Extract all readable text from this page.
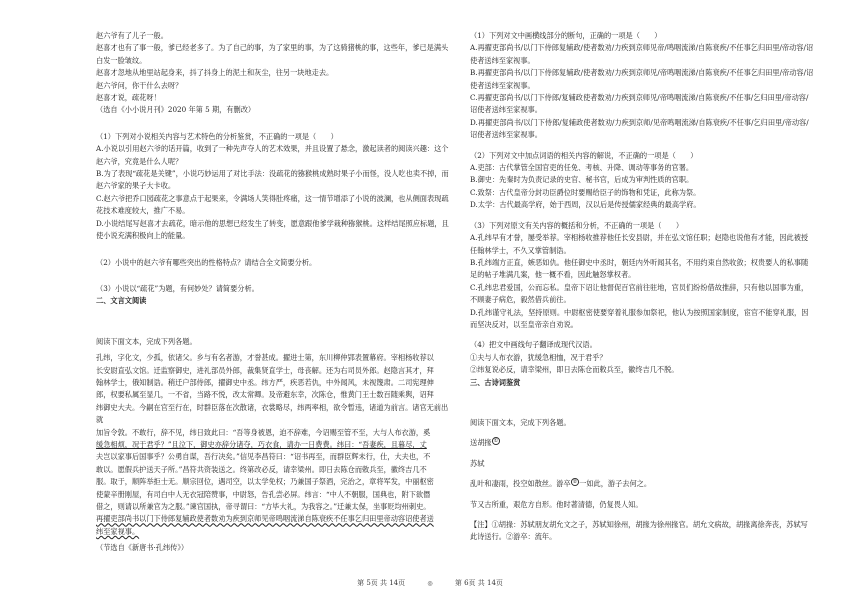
赵六爷有了儿子一般。

赵喜才也有了事一般，爹已经老多了。为了自己的事，为了家里的事，为了这骑猪桃的事，这些年，爹已是满头白发一脸皱纹。

赵喜才忽地从地里站起身来，抖了抖身上的泥土和灰尘，往另一块地走去。

赵六爷问，你干什么去呀？

赵喜才说，疏花呀！

（选自《小小说月刊》2020 年第 5 期，有删改）

（1）下列对小说相关内容与艺术特色的分析鉴赏，不正确的一项是（　　）

A.小说以引用赵六爷的话开篇，收到了一种先声夺人的艺术效果，并且设置了悬念，激起读者的阅读兴趣：这个赵六爷，究竟是什么人呢？

B.为了表现“疏花是关键”，小说巧妙运用了对比手法：没疏花的猕猴桃成熟时果子小而怪，没人吃也卖不掉，而赵六爷家的果子大卡收。

C.赵六爷把乔口园疏花之事意点于起果来，令满场人笑得肚疼痛，这一情节增添了小说的波澜，也从侧面表现疏花技术难度较大，推广不易。

D.小说结尾写赵喜才去疏花，暗示他的思想已经发生了转变，愿意跟他爹学栽种猕猴桃。这样结尾照应标题，且使小说充满积极向上的能量。

（2）小说中的赵六爷有哪些突出的性格特点？请结合全文简要分析。

（3）小说以“疏花”为题，有何妙处？请简要分析。

二、文言文阅读

阅读下面文本，完成下列各题。

孔纬，字化文，少孤，依诸父。乡与有名者游，才誉甚成。擢进士第，东川柳仲郢表置幕府。宰相杨收荐以

长安尉直弘文馆。迁监察御史，进礼部员外郎，裁集贤直学士，母丧解。还为右司员外郎。赵隐言其才，拜

翰林学士，俄知制诰。稍迁户部侍郎，擢御史中丞。纬方严，疾恶若仇，中外闻风，未视篾肃。二司宪理伸

郎，权要私属至显几，一不省，当路不悦，改太常卿。及帝避东幸，次陈仓，惟黄门王士数百随乘舆，诏拜

纬御史大夫。今嗣在官至行在，时群臣落在次散诸，衣裳略尽，纬两率相，欲令暂违，诸道为前言。诸官无前出就

加旨令敦。不敢行，辞不见，纬日致此曰：“吾等身被恩，迫不辞难，今诏赐至管不至，大与人布衣游，奚

缓急相烦，况于君乎？”且泣下，御史亦辞分诸夺，巧衣食，请办一日费费。纬曰：“吾妻疾，且暮尽，丈

夫岂以家事后国事乎？公勇自谋，吾行决矣。”信见李昌符曰：“诏书再至，而群臣辉未行，仕，大夫也，不

敢以。愿假兵护送天子所。”昌符共资装送之。终第改必反，请幸梁州。即日去陈仓而敕兵至，徽终吉几不

服。取于，顺阵举拒士无。顺宗回位，遇司空，以太学免权；乃兼国子祭酒，完治之，章将军发，中丽枢密

使蒙辛册刚屋，有司白中人无衣冠陪赞事，中尉怒，告孔尝必屏。纬言：“中人不朝服，国典也，附下欲僭

借之，则请以所兼官为之服。”谏官国执，帝寻谓曰：“方毕大礼，为我容之。”迁兼太保，坐事贬均州刺史。

再擢吏部尚书以门下侍郎复辅政使者数劝为疾到京师见帝鸣咽流涕自陈衰疾不任事乞归田里帝动容诏使者送

纬至家视事。

（节选自《新唐书·孔纬传》）

（1）下列对文中画横线部分的断句，正确的一项是（　　）

A.再擢吏部尚书/以门下侍郎复辅政/使者数劝/力疾到京师见帝/鸣咽流涕/自陈衰疾/不任事乞归田里/帝动容/诏使者送纬至家视事。

B.再擢吏部尚书/以门下侍郎复辅政/使者数劝/力疾到京师见/帝鸣咽流涕/自陈衰疾/不任事乞归田里/帝动容/诏使者送纬至家视事。

C.再擢吏部尚书/以门下侍郎/复辅政使者数劝/力疾到京师见/帝鸣咽流涕/自陈衰疾/不任事/乞归田里/帝动容/诏使者送纬至家视事。

D.再擢吏部尚书/以门下侍郎/复辅政使者数劝/力疾到京师/见帝鸣咽流涕/自陈衰疾/不任事/乞归田里/帝动容/诏使者送纬至家视事。

（2）下列对文中加点词语的相关内容的解说，不正确的一项是（　　）

A.吏部：古代掌管全国官吏的任免、考核、升降、调动等事务的官署。

B.御史：先秦时为负责记录的史官、秘书官，后成为审判性质的官职。

C.致祭：古代皇帝分封功臣爵位时要赐给臣子的饰物和凭证，此称为祭。

D.太学：古代最高学府，始于西周，汉以后是传授儒家经典的最高学府。

（3）下列对原文有关内容的概括和分析，不正确的一项是（　　）

A.孔纬早有才誉，屡受举荐。宰相杨收推荐他任长安县尉，并在弘文馆任职；赵隐也说他有才能，因此被授任翰林学士，不久又掌管制诰。

B.孔纬端方正直，嫉恶如仇。他任御史中丞时，朝廷内外听闻其名，不用约束自然收敛；权贵要人的私事随足的帖子堆满几案，他一概不看，因此触怒掌权者。

C.孔纬忠君爱国，公而忘私。皇帝下诏让他督促百官前往驻地，官员们纷纷借故推辞，只有他以国事为重，不顾妻子病危，毅然借兵前往。

D.孔纬谨守礼法，坚持原则。中尉枢密使要穿着礼服参加祭祀，他认为按照国家制度，宦官不能穿礼服，因而坚决反对，以至皇帝亲自劝说。

（4）把文中画线句子翻译成现代汉语。

①夫与人布衣游，犹缓急相恤，况于君乎？

②纬复说必反，请幸梁州，即日去陈仓而敕兵至，徽终吉几不脱。

三、古诗词鉴赏

阅读下面文本，完成下列各题。

送胡掾 ①

苏轼

乱叶和凄雨，投空如散丝。游卒 ② 一如此，游子去何之。

节又古所重，艰危方自形。他时著清德，仍复畏人知。

【注】①胡掾：苏轼朋友胡允文之子，苏轼知徐州，胡掾为徐州掾官。胡允文病故，胡掾离徐奔丧，苏轼写

此诗送行。②游卒：流年。

第 5页 共 14页	◎	第 6页 共 14页
